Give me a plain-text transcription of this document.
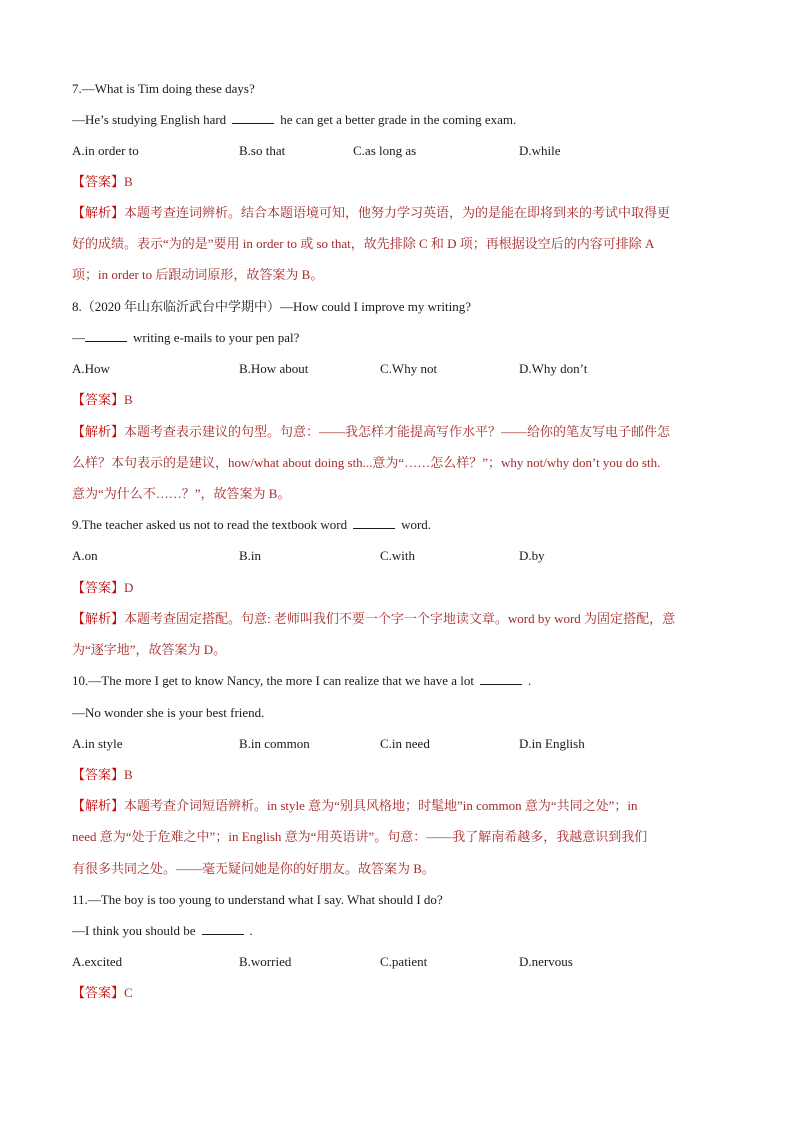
7.—What is Tim doing these days?
—He’s studying English hard	he can get a better grade in the coming exam.
A.in order to	B.so that	C.as long as	D.while
【答案】B
【解析】本题考查连词辨析。结合本题语境可知，他努力学习英语，为的是能在即将到来的考试中取得更
好的成绩。表示“为的是”要用 in order to 或 so that，故先排除 C 和 D 项；再根据设空后的内容可排除 A
项；in order to 后跟动词原形，故答案为 B。
8.（2020 年山东临沂武台中学期中）—How could I improve my writing?
—	writing e-mails to your pen pal?
A.How	B.How about	C.Why not	D.Why don’t
【答案】B
【解析】本题考查表示建议的句型。句意：——我怎样才能提高写作水平？——给你的笔友写电子邮件怎
么样？本句表示的是建议，how/what about doing sth...意为“……怎么样？”；why not/why don’t you do sth.
意为“为什么不……？”，故答案为 B。
9.The teacher asked us not to read the textbook word	word.
A.on	B.in	C.with	D.by
【答案】D
【解析】本题考查固定搭配。句意: 老师叫我们不要一个字一个字地读文章。word by word 为固定搭配，意
为“逐字地”，故答案为 D。
10.—The more I get to know Nancy, the more I can realize that we have a lot	.
—No wonder she is your best friend.
A.in style	B.in common	C.in need	D.in English
【答案】B
【解析】本题考查介词短语辨析。in style 意为“别具风格地；时髦地”in common 意为“共同之处”；in
need 意为“处于危难之中”；in English 意为“用英语讲”。句意：——我了解南希越多，我越意识到我们
有很多共同之处。——毫无疑问她是你的好朋友。故答案为 B。
11.—The boy is too young to understand what I say. What should I do?
—I think you should be	.
A.excited	B.worried	C.patient	D.nervous
【答案】C
